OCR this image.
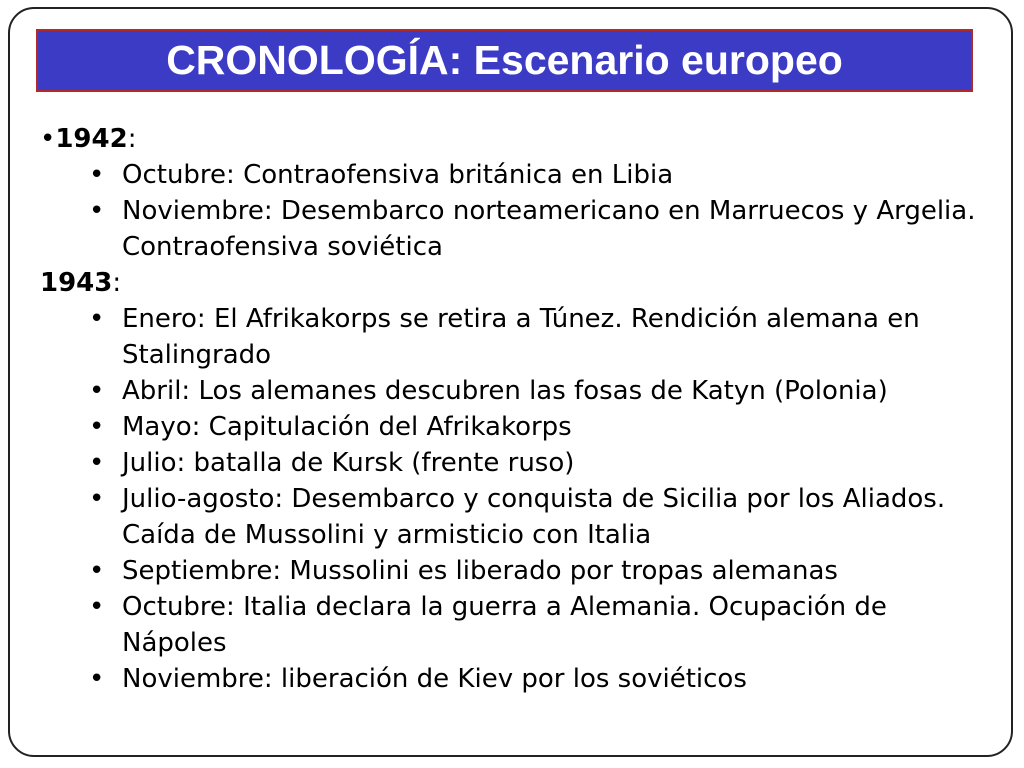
CRONOLOGÍA: Escenario europeo

•1942:

• Octubre: Contraofensiva británica en Libia
• Noviembre: Desembarco norteamericano en Marruecos y Argelia. Contraofensiva soviética

1943:

• Enero: El Afrikakorps se retira a Túnez. Rendición alemana en Stalingrado
• Abril: Los alemanes descubren las fosas de Katyn (Polonia)
• Mayo: Capitulación del Afrikakorps
• Julio: batalla de Kursk (frente ruso)
• Julio-agosto: Desembarco y conquista de Sicilia por los Aliados. Caída de Mussolini y armisticio con Italia
• Septiembre: Mussolini es liberado por tropas alemanas
• Octubre: Italia declara la guerra a Alemania. Ocupación de Nápoles
• Noviembre: liberación de Kiev por los soviéticos
